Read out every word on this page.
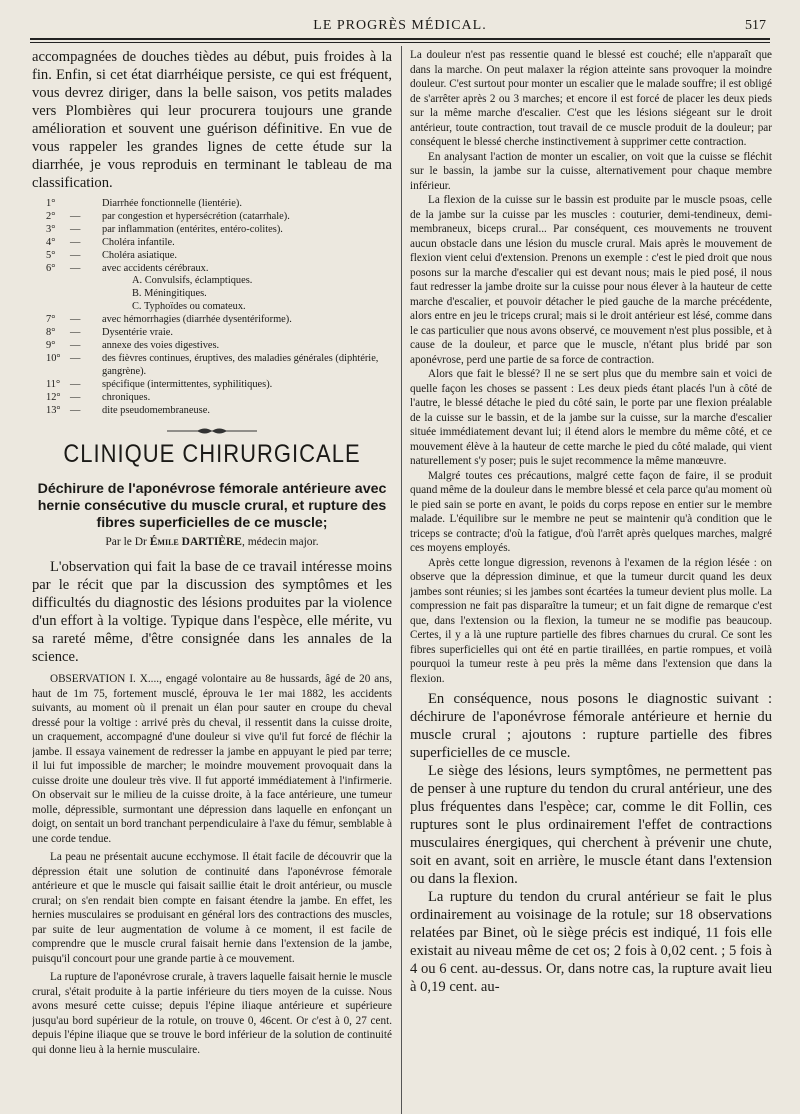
LE PROGRÈS MÉDICAL.	517

accompagnées de douches tièdes au début, puis froides à la fin. Enfin, si cet état diarrhéique persiste, ce qui est fréquent, vous devrez diriger, dans la belle saison, vos petits malades vers Plombières qui leur procurera toujours une grande amélioration et souvent une guérison définitive. En vue de vous rappeler les grandes lignes de cette étude sur la diarrhée, je vous reproduis en terminant le tableau de ma classification.

1°	Diarrhée fonctionnelle (lientérie).
2°	—	par congestion et hypersécrétion (catarrhale).
3°	—	par inflammation (entérites, entéro-colites).
4°	—	Choléra infantile.
5°	—	Choléra asiatique.
6°	—	avec accidents cérébraux.
A. Convulsifs, éclamptiques.
B. Méningitiques.
C. Typhoïdes ou comateux.
7°	—	avec hémorrhagies (diarrhée dysentériforme).
8°	—	Dysentérie vraie.
9°	—	annexe des voies digestives.
10° —	des fièvres continues, éruptives, des maladies générales (diphtérie, gangrène).
11° —	spécifique (intermittentes, syphilitiques).
12° —	chroniques.
13° —	dite pseudomembraneuse.
CLINIQUE CHIRURGICALE
Déchirure de l'aponévrose fémorale antérieure avec hernie consécutive du muscle crural, et rupture des fibres superficielles de ce muscle;
Par le Dr Émile DARTIÈRE, médecin major.

L'observation qui fait la base de ce travail intéresse moins par le récit que par la discussion des symptômes et les difficultés du diagnostic des lésions produites par la violence d'un effort à la voltige. Typique dans l'espèce, elle mérite, vu sa rareté même, d'être consignée dans les annales de la science.

OBSERVATION I. X...., engagé volontaire au 8e hussards, âgé de 20 ans, haut de 1m 75, fortement musclé, éprouva le 1er mai 1882, les accidents suivants, au moment où il prenait un élan pour sauter en croupe du cheval dressé pour la voltige : arrivé près du cheval, il ressentit dans la cuisse droite, un craquement, accompagné d'une douleur si vive qu'il fut forcé de fléchir la jambe. Il essaya vainement de redresser la jambe en appuyant le pied par terre; il lui fut impossible de marcher; le moindre mouvement provoquait dans la cuisse droite une douleur très vive. Il fut apporté immédiatement à l'infirmerie. On observait sur le milieu de la cuisse droite, à la face antérieure, une tumeur molle, dépressible, surmontant une dépression dans laquelle en enfonçant un doigt, on sentait un bord tranchant perpendiculaire à l'axe du fémur, semblable à une corde tendue.

La peau ne présentait aucune ecchymose. Il était facile de découvrir que la dépression était une solution de continuité dans l'aponévrose fémorale antérieure et que le muscle qui faisait saillie était le droit antérieur, ou muscle crural; on s'en rendait bien compte en faisant étendre la jambe. En effet, les hernies musculaires se produisant en général lors des contractions des muscles, par suite de leur augmentation de volume à ce moment, il est facile de comprendre que le muscle crural faisait hernie dans l'extension de la jambe, puisqu'il concourt pour une grande partie à ce mouvement.

La rupture de l'aponévrose crurale, à travers laquelle faisait hernie le muscle crural, s'était produite à la partie inférieure du tiers moyen de la cuisse. Nous avons mesuré cette cuisse; depuis l'épine iliaque antérieure et supérieure jusqu'au bord supérieur de la rotule, on trouve 0, 46cent. Or c'est à 0, 27 cent. depuis l'épine iliaque que se trouve le bord inférieur de la solution de continuité qui donne lieu à la hernie musculaire.

La douleur n'est pas ressentie quand le blessé est couché; elle n'apparaît que dans la marche. On peut malaxer la région atteinte sans provoquer la moindre douleur. C'est surtout pour monter un escalier que le malade souffre; il est obligé de s'arrêter après 2 ou 3 marches; et encore il est forcé de placer les deux pieds sur la même marche d'escalier. C'est que les lésions siégeant sur le droit antérieur, toute contraction, tout travail de ce muscle produit de la douleur; par conséquent le blessé cherche instinctivement à supprimer cette contraction.

En analysant l'action de monter un escalier, on voit que la cuisse se fléchit sur le bassin, la jambe sur la cuisse, alternativement pour chaque membre inférieur.

La flexion de la cuisse sur le bassin est produite par le muscle psoas, celle de la jambe sur la cuisse par les muscles : couturier, demi-tendineux, demi-membraneux, biceps crural... Par conséquent, ces mouvements ne trouvent aucun obstacle dans une lésion du muscle crural. Mais après le mouvement de flexion vient celui d'extension. Prenons un exemple : c'est le pied droit que nous posons sur la marche d'escalier qui est devant nous; mais le pied posé, il nous faut redresser la jambe droite sur la cuisse pour nous élever à la hauteur de cette marche d'escalier, et pouvoir détacher le pied gauche de la marche précédente, alors entre en jeu le triceps crural; mais si le droit antérieur est lésé, comme dans le cas particulier que nous avons observé, ce mouvement n'est plus possible, et à cause de la douleur, et parce que le muscle, n'étant plus bridé par son aponévrose, perd une partie de sa force de contraction.

Alors que fait le blessé? Il ne se sert plus que du membre sain et voici de quelle façon les choses se passent : Les deux pieds étant placés l'un à côté de l'autre, le blessé détache le pied du côté sain, le porte par une flexion préalable de la cuisse sur le bassin, et de la jambe sur la cuisse, sur la marche d'escalier située immédiatement devant lui; il étend alors le membre du même côté, et ce mouvement élève à la hauteur de cette marche le pied du côté malade, qui vient naturellement s'y poser; puis le sujet recommence la même manœuvre.

Malgré toutes ces précautions, malgré cette façon de faire, il se produit quand même de la douleur dans le membre blessé et cela parce qu'au moment où le pied sain se porte en avant, le poids du corps repose en entier sur le membre malade. L'équilibre sur le membre ne peut se maintenir qu'à condition que le triceps se contracte; d'où la fatigue, d'où l'arrêt après quelques marches, malgré ces moyens employés.

Après cette longue digression, revenons à l'examen de la région lésée : on observe que la dépression diminue, et que la tumeur durcit quand les deux jambes sont réunies; si les jambes sont écartées la tumeur devient plus molle. La compression ne fait pas disparaître la tumeur; et un fait digne de remarque c'est que, dans l'extension ou la flexion, la tumeur ne se modifie pas beaucoup. Certes, il y a là une rupture partielle des fibres charnues du crural. Ce sont les fibres superficielles qui ont été en partie tiraillées, en partie rompues, et voilà pourquoi la tumeur reste à peu près la même dans l'extension que dans la flexion.

En conséquence, nous posons le diagnostic suivant : déchirure de l'aponévrose fémorale antérieure et hernie du muscle crural ; ajoutons : rupture partielle des fibres superficielles de ce muscle.

Le siège des lésions, leurs symptômes, ne permettent pas de penser à une rupture du tendon du crural antérieur, une des plus fréquentes dans l'espèce; car, comme le dit Follin, ces ruptures sont le plus ordinairement l'effet de contractions musculaires énergiques, qui cherchent à prévenir une chute, soit en avant, soit en arrière, le muscle étant dans l'extension ou dans la flexion.

La rupture du tendon du crural antérieur se fait le plus ordinairement au voisinage de la rotule; sur 18 observations relatées par Binet, où le siège précis est indiqué, 11 fois elle existait au niveau même de cet os; 2 fois à 0,02 cent. ; 5 fois à 4 ou 6 cent. au-dessus. Or, dans notre cas, la rupture avait lieu à 0,19 cent. au-
